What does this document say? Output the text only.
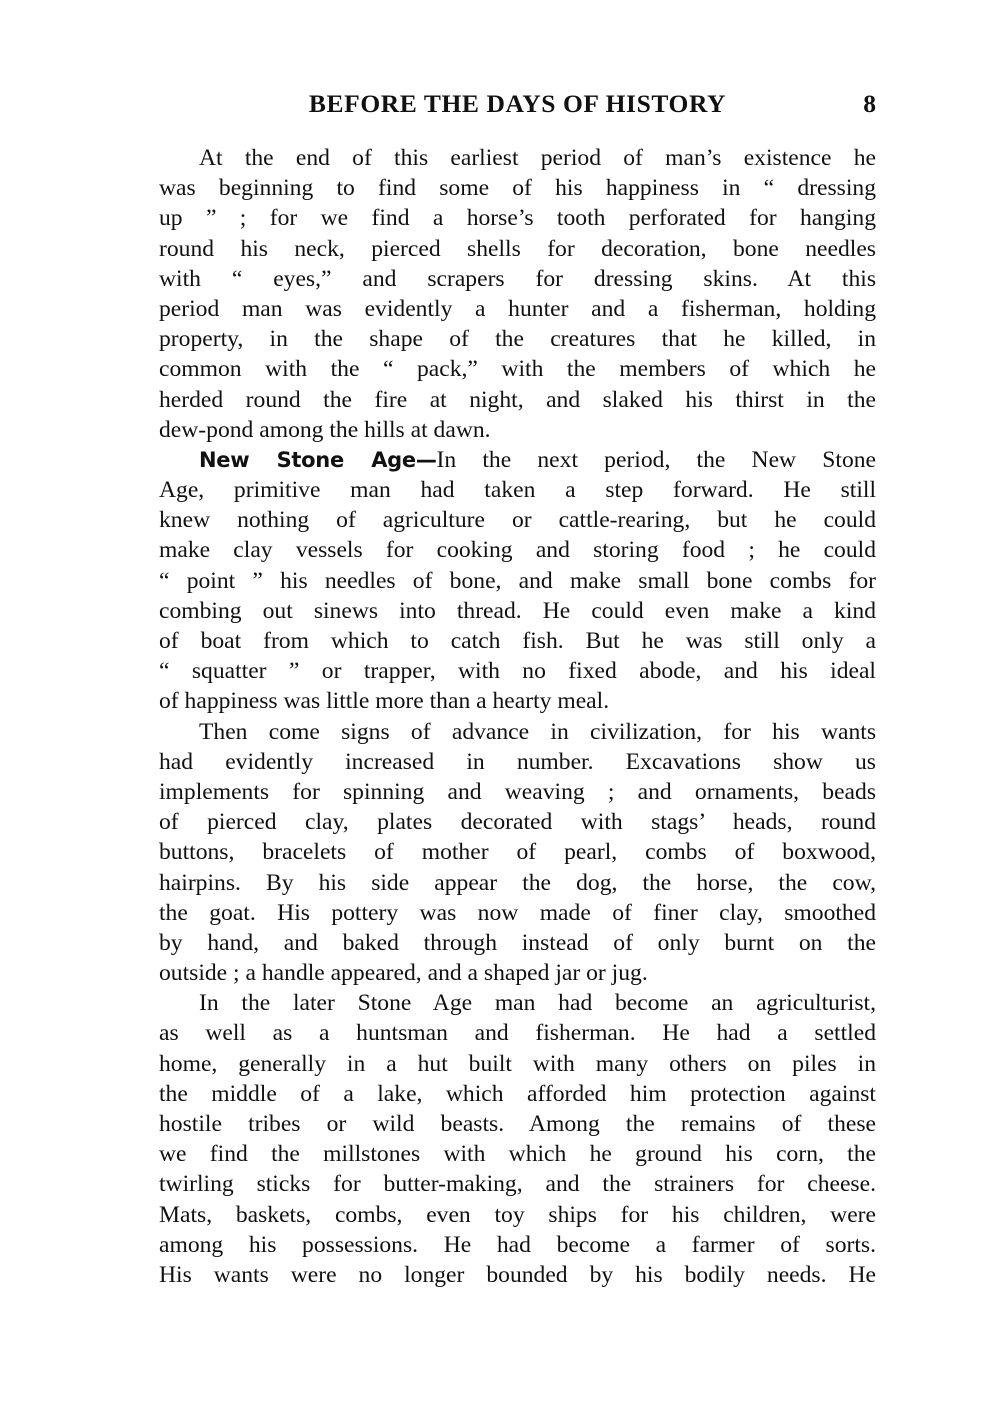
BEFORE THE DAYS OF HISTORY	8
At the end of this earliest period of man’s existence he
was beginning to find some of his happiness in “ dressing
up ” ; for we find a horse’s tooth perforated for hanging
round his neck, pierced shells for decoration, bone needles
with “ eyes,” and scrapers for dressing skins. At this
period man was evidently a hunter and a fisherman, holding
property, in the shape of the creatures that he killed, in
common with the “ pack,” with the members of which he
herded round the fire at night, and slaked his thirst in the
dew-pond among the hills at dawn.
New Stone Age—In the next period, the New Stone
Age, primitive man had taken a step forward. He still
knew nothing of agriculture or cattle-rearing, but he could
make clay vessels for cooking and storing food ; he could
“ point ” his needles of bone, and make small bone combs for
combing out sinews into thread. He could even make a kind
of boat from which to catch fish. But he was still only a
“ squatter ” or trapper, with no fixed abode, and his ideal
of happiness was little more than a hearty meal.
Then come signs of advance in civilization, for his wants
had evidently increased in number. Excavations show us
implements for spinning and weaving ; and ornaments, beads
of pierced clay, plates decorated with stags’ heads, round
buttons, bracelets of mother of pearl, combs of boxwood,
hairpins. By his side appear the dog, the horse, the cow,
the goat. His pottery was now made of finer clay, smoothed
by hand, and baked through instead of only burnt on the
outside ; a handle appeared, and a shaped jar or jug.
In the later Stone Age man had become an agriculturist,
as well as a huntsman and fisherman. He had a settled
home, generally in a hut built with many others on piles in
the middle of a lake, which afforded him protection against
hostile tribes or wild beasts. Among the remains of these
we find the millstones with which he ground his corn, the
twirling sticks for butter-making, and the strainers for cheese.
Mats, baskets, combs, even toy ships for his children, were
among his possessions. He had become a farmer of sorts.
His wants were no longer bounded by his bodily needs. He
